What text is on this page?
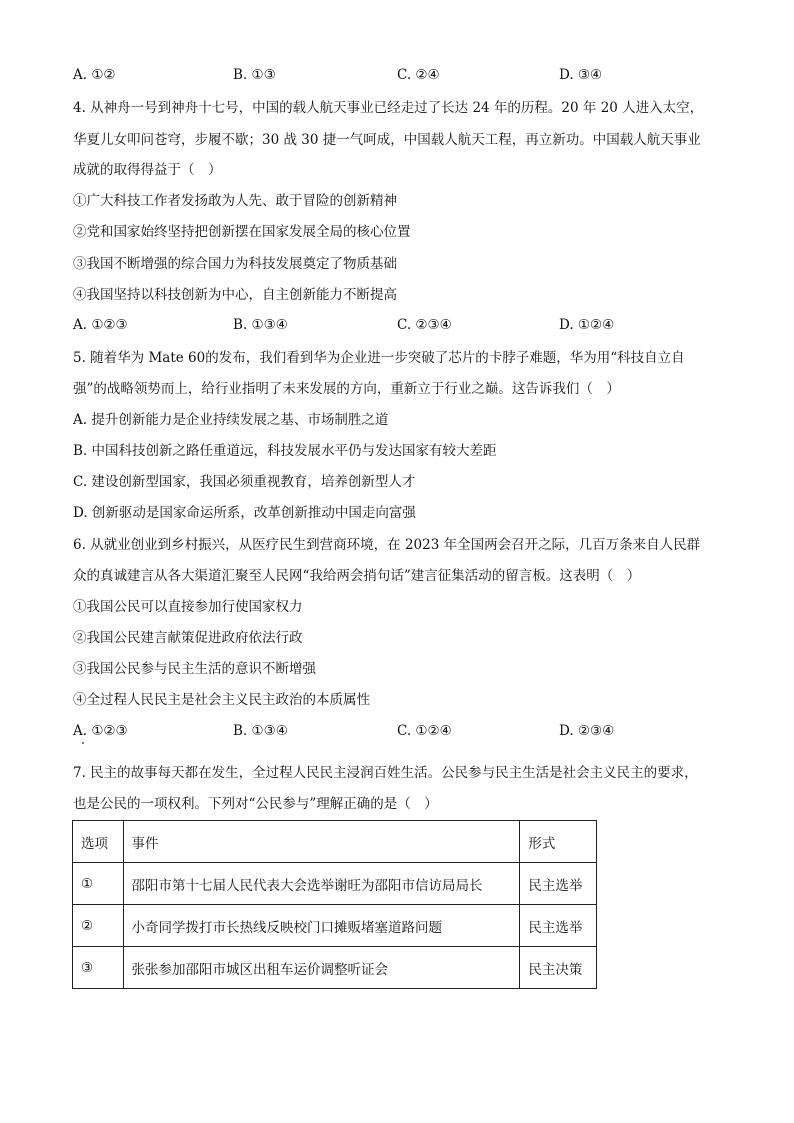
A. ①②	B. ①③	C. ②④	D. ③④
4. 从神舟一号到神舟十七号，中国的载人航天事业已经走过了长达 24 年的历程。20 年 20 人进入太空，
华夏儿女叩问苍穹，步履不歇；30 战 30 捷一气呵成，中国载人航天工程，再立新功。中国载人航天事业
成就的取得得益于（　）
①广大科技工作者发扬敢为人先、敢于冒险的创新精神
②党和国家始终坚持把创新摆在国家发展全局的核心位置
③我国不断增强的综合国力为科技发展奠定了物质基础
④我国坚持以科技创新为中心，自主创新能力不断提高
A. ①②③	B. ①③④	C. ②③④	D. ①②④
5. 随着华为 Mate 60的发布，我们看到华为企业进一步突破了芯片的卡脖子难题，华为用“科技自立自
强”的战略领势而上，给行业指明了未来发展的方向，重新立于行业之巅。这告诉我们（　）
A. 提升创新能力是企业持续发展之基、市场制胜之道
B. 中国科技创新之路任重道远，科技发展水平仍与发达国家有较大差距
C. 建设创新型国家，我国必须重视教育，培养创新型人才
D. 创新驱动是国家命运所系，改革创新推动中国走向富强
6. 从就业创业到乡村振兴，从医疗民生到营商环境，在 2023 年全国两会召开之际，几百万条来自人民群
众的真诚建言从各大渠道汇聚至人民网“我给两会捎句话”建言征集活动的留言板。这表明（　）
①我国公民可以直接参加行使国家权力
②我国公民建言献策促进政府依法行政
③我国公民参与民主生活的意识不断增强
④全过程人民民主是社会主义民主政治的本质属性
A. ①②③	B. ①③④	C. ①②④	D. ②③④
7. 民主的故事每天都在发生，全过程人民民主浸润百姓生活。公民参与民主生活是社会主义民主的要求，
也是公民的一项权利。下列对“公民参与”理解正确的是（　）
选项	事件	形式
①	邵阳市第十七届人民代表大会选举谢旺为邵阳市信访局局长	民主选举
②	小奇同学拨打市长热线反映校门口摊贩堵塞道路问题	民主选举
③	张张参加邵阳市城区出租车运价调整听证会	民主决策
